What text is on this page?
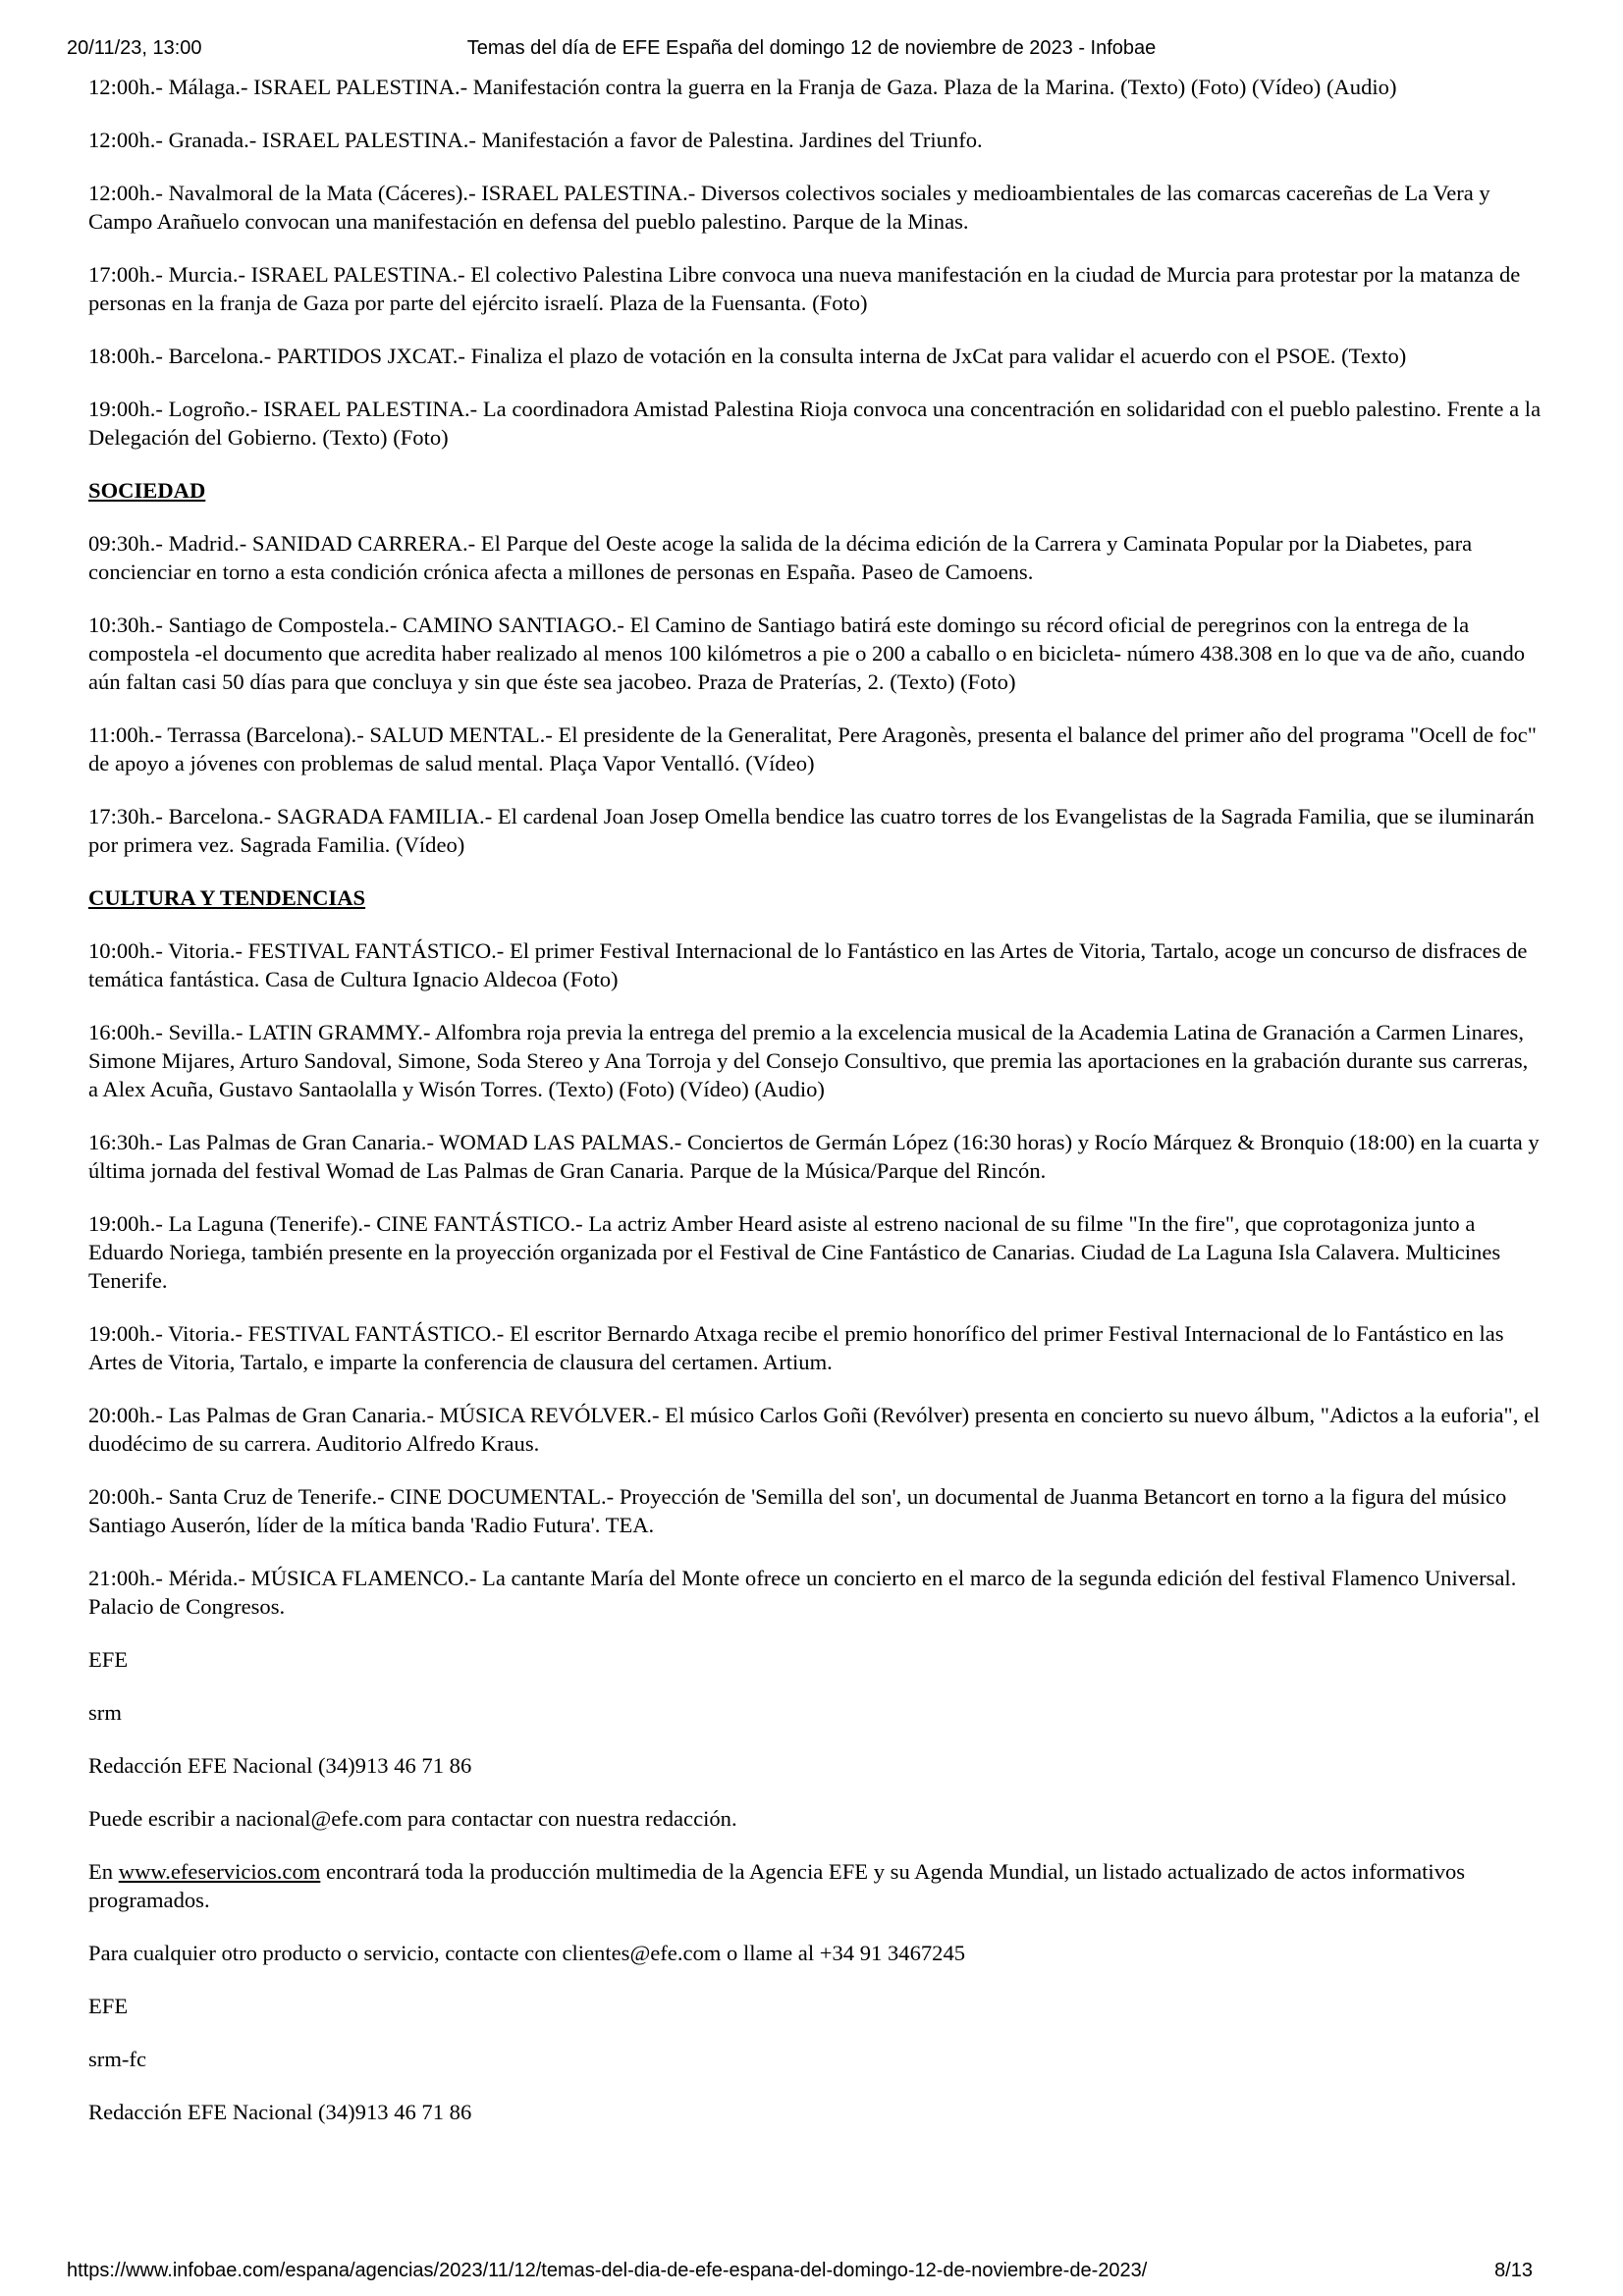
20/11/23, 13:00	Temas del día de EFE España del domingo 12 de noviembre de 2023 - Infobae

12:00h.- Málaga.- ISRAEL PALESTINA.- Manifestación contra la guerra en la Franja de Gaza. Plaza de la Marina. (Texto) (Foto) (Vídeo) (Audio)

12:00h.- Granada.- ISRAEL PALESTINA.- Manifestación a favor de Palestina. Jardines del Triunfo.

12:00h.- Navalmoral de la Mata (Cáceres).- ISRAEL PALESTINA.- Diversos colectivos sociales y medioambientales de las comarcas cacereñas de La Vera y Campo Arañuelo convocan una manifestación en defensa del pueblo palestino. Parque de la Minas.

17:00h.- Murcia.- ISRAEL PALESTINA.- El colectivo Palestina Libre convoca una nueva manifestación en la ciudad de Murcia para protestar por la matanza de personas en la franja de Gaza por parte del ejército israelí. Plaza de la Fuensanta. (Foto)

18:00h.- Barcelona.- PARTIDOS JXCAT.- Finaliza el plazo de votación en la consulta interna de JxCat para validar el acuerdo con el PSOE. (Texto)

19:00h.- Logroño.- ISRAEL PALESTINA.- La coordinadora Amistad Palestina Rioja convoca una concentración en solidaridad con el pueblo palestino. Frente a la Delegación del Gobierno. (Texto) (Foto)

SOCIEDAD

09:30h.- Madrid.- SANIDAD CARRERA.- El Parque del Oeste acoge la salida de la décima edición de la Carrera y Caminata Popular por la Diabetes, para concienciar en torno a esta condición crónica afecta a millones de personas en España. Paseo de Camoens.

10:30h.- Santiago de Compostela.- CAMINO SANTIAGO.- El Camino de Santiago batirá este domingo su récord oficial de peregrinos con la entrega de la compostela -el documento que acredita haber realizado al menos 100 kilómetros a pie o 200 a caballo o en bicicleta- número 438.308 en lo que va de año, cuando aún faltan casi 50 días para que concluya y sin que éste sea jacobeo. Praza de Praterías, 2. (Texto) (Foto)

11:00h.- Terrassa (Barcelona).- SALUD MENTAL.- El presidente de la Generalitat, Pere Aragonès, presenta el balance del primer año del programa "Ocell de foc" de apoyo a jóvenes con problemas de salud mental. Plaça Vapor Ventalló. (Vídeo)

17:30h.- Barcelona.- SAGRADA FAMILIA.- El cardenal Joan Josep Omella bendice las cuatro torres de los Evangelistas de la Sagrada Familia, que se iluminarán por primera vez. Sagrada Familia. (Vídeo)

CULTURA Y TENDENCIAS

10:00h.- Vitoria.- FESTIVAL FANTÁSTICO.- El primer Festival Internacional de lo Fantástico en las Artes de Vitoria, Tartalo, acoge un concurso de disfraces de temática fantástica. Casa de Cultura Ignacio Aldecoa (Foto)

16:00h.- Sevilla.- LATIN GRAMMY.- Alfombra roja previa la entrega del premio a la excelencia musical de la Academia Latina de Granación a Carmen Linares, Simone Mijares, Arturo Sandoval, Simone, Soda Stereo y Ana Torroja y del Consejo Consultivo, que premia las aportaciones en la grabación durante sus carreras, a Alex Acuña, Gustavo Santaolalla y Wisón Torres. (Texto) (Foto) (Vídeo) (Audio)

16:30h.- Las Palmas de Gran Canaria.- WOMAD LAS PALMAS.- Conciertos de Germán López (16:30 horas) y Rocío Márquez & Bronquio (18:00) en la cuarta y última jornada del festival Womad de Las Palmas de Gran Canaria. Parque de la Música/Parque del Rincón.

19:00h.- La Laguna (Tenerife).- CINE FANTÁSTICO.- La actriz Amber Heard asiste al estreno nacional de su filme "In the fire", que coprotagoniza junto a Eduardo Noriega, también presente en la proyección organizada por el Festival de Cine Fantástico de Canarias. Ciudad de La Laguna Isla Calavera. Multicines Tenerife.

19:00h.- Vitoria.- FESTIVAL FANTÁSTICO.- El escritor Bernardo Atxaga recibe el premio honorífico del primer Festival Internacional de lo Fantástico en las Artes de Vitoria, Tartalo, e imparte la conferencia de clausura del certamen. Artium.

20:00h.- Las Palmas de Gran Canaria.- MÚSICA REVÓLVER.- El músico Carlos Goñi (Revólver) presenta en concierto su nuevo álbum, "Adictos a la euforia", el duodécimo de su carrera. Auditorio Alfredo Kraus.

20:00h.- Santa Cruz de Tenerife.- CINE DOCUMENTAL.- Proyección de 'Semilla del son', un documental de Juanma Betancort en torno a la figura del músico Santiago Auserón, líder de la mítica banda 'Radio Futura'. TEA.

21:00h.- Mérida.- MÚSICA FLAMENCO.- La cantante María del Monte ofrece un concierto en el marco de la segunda edición del festival Flamenco Universal. Palacio de Congresos.

EFE

srm

Redacción EFE Nacional (34)913 46 71 86

Puede escribir a nacional@efe.com para contactar con nuestra redacción.

En www.efeservicios.com encontrará toda la producción multimedia de la Agencia EFE y su Agenda Mundial, un listado actualizado de actos informativos programados.

Para cualquier otro producto o servicio, contacte con clientes@efe.com o llame al +34 91 3467245

EFE

srm-fc

Redacción EFE Nacional (34)913 46 71 86

https://www.infobae.com/espana/agencias/2023/11/12/temas-del-dia-de-efe-espana-del-domingo-12-de-noviembre-de-2023/	8/13
